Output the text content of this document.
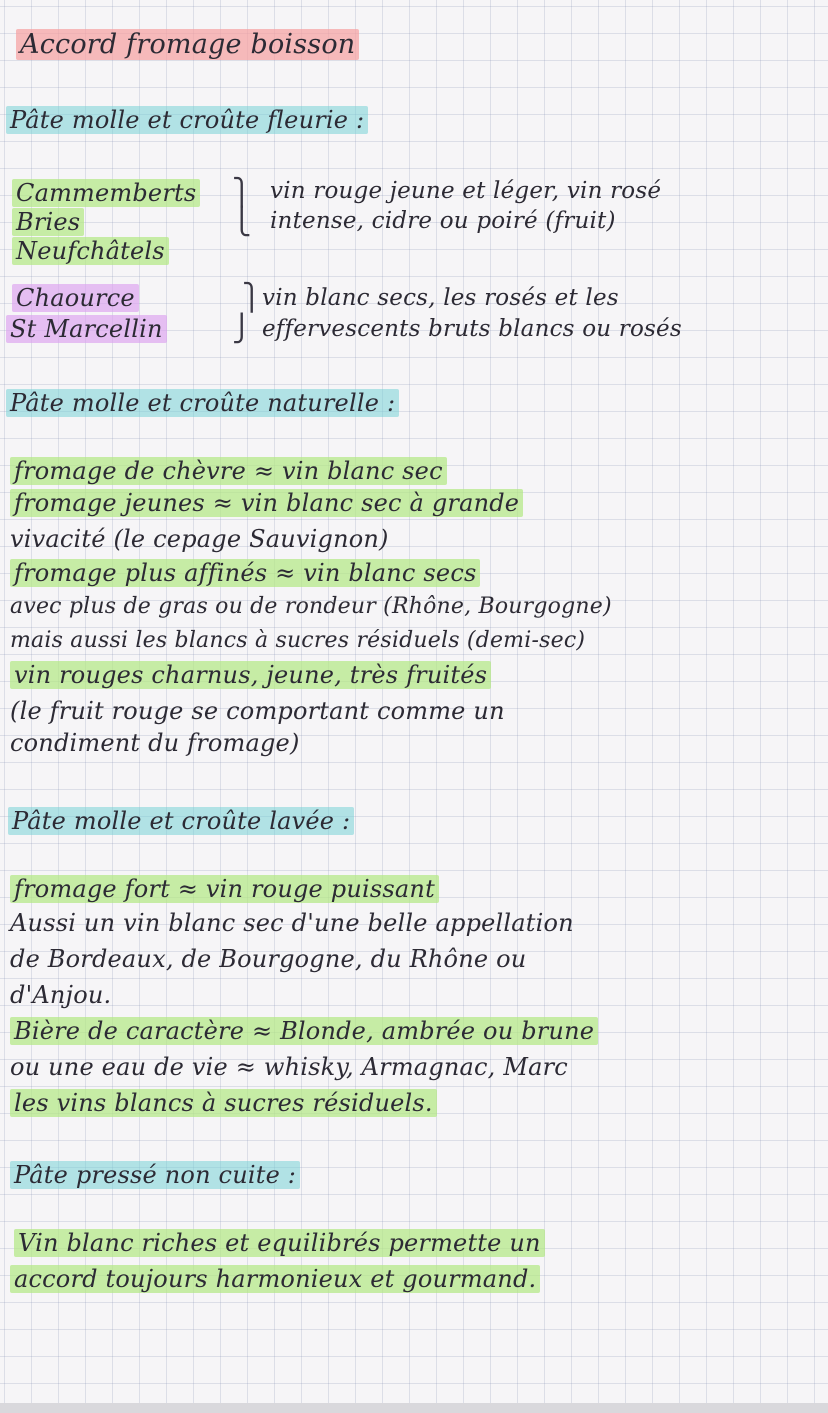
Accord fromage boisson
Pâte molle et croûte fleurie :
Cammemberts
Bries
Neufchâtels
Chaource
St Marcellin
⎫
⎩
⎫
⎭
vin rouge jeune et léger, vin rosé
intense, cidre ou poiré (fruit)
vin blanc secs, les rosés et les
effervescents bruts blancs ou rosés
Pâte molle et croûte naturelle :
fromage de chèvre ≈ vin blanc sec
fromage jeunes ≈ vin blanc sec à grande
vivacité (le cepage Sauvignon)
fromage plus affinés ≈ vin blanc secs
avec plus de gras ou de rondeur (Rhône, Bourgogne)
mais aussi les blancs à sucres résiduels (demi-sec)
vin rouges charnus, jeune, très fruités
(le fruit rouge se comportant comme un
condiment du fromage)
Pâte molle et croûte lavée :
fromage fort ≈ vin rouge puissant
Aussi un vin blanc sec d'une belle appellation
de Bordeaux, de Bourgogne, du Rhône ou
d'Anjou.
Bière de caractère ≈ Blonde, ambrée ou brune
ou une eau de vie ≈ whisky, Armagnac, Marc
les vins blancs à sucres résiduels.
Pâte pressé non cuite :
Vin blanc riches et equilibrés permette un
accord toujours harmonieux et gourmand.
